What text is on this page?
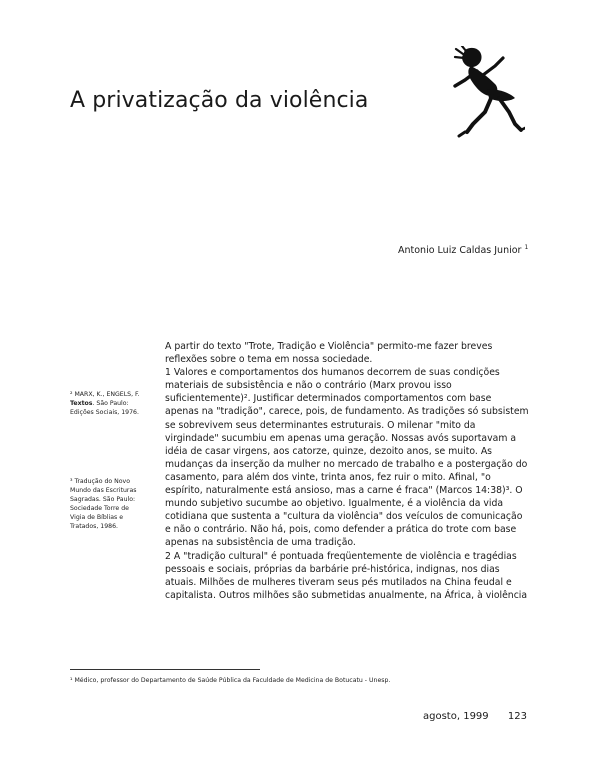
A privatização da violência
Antonio Luiz Caldas Junior $^1$
² MARX, K., ENGELS, F.
Textos. São Paulo:
Edições Sociais, 1976.
³ Tradução do Novo
Mundo das Escrituras
Sagradas. São Paulo:
Sociedade Torre de
Vigia de Bíblias e
Tratados, 1986.
A partir do texto "Trote, Tradição e Violência" permito-me fazer breves
reflexões sobre o tema em nossa sociedade.
1 Valores e comportamentos dos humanos decorrem de suas condições
materiais de subsistência e não o contrário (Marx provou isso
suficientemente)². Justificar determinados comportamentos com base
apenas na "tradição", carece, pois, de fundamento. As tradições só subsistem
se sobrevivem seus determinantes estruturais. O milenar "mito da
virgindade" sucumbiu em apenas uma geração. Nossas avós suportavam a
idéia de casar virgens, aos catorze, quinze, dezoito anos, se muito. As
mudanças da inserção da mulher no mercado de trabalho e a postergação do
casamento, para além dos vinte, trinta anos, fez ruir o mito. Afinal, "o
espírito, naturalmente está ansioso, mas a carne é fraca" (Marcos 14:38)³. O
mundo subjetivo sucumbe ao objetivo. Igualmente, é a violência da vida
cotidiana que sustenta a "cultura da violência" dos veículos de comunicação
e não o contrário. Não há, pois, como defender a prática do trote com base
apenas na subsistência de uma tradição.
2 A "tradição cultural" é pontuada freqüentemente de violência e tragédias
pessoais e sociais, próprias da barbárie pré-histórica, indignas, nos dias
atuais. Milhões de mulheres tiveram seus pés mutilados na China feudal e
capitalista. Outros milhões são submetidas anualmente, na África, à violência
¹ Médico, professor do Departamento de Saúde Pública da Faculdade de Medicina de Botucatu - Unesp.
agosto, 1999 123
